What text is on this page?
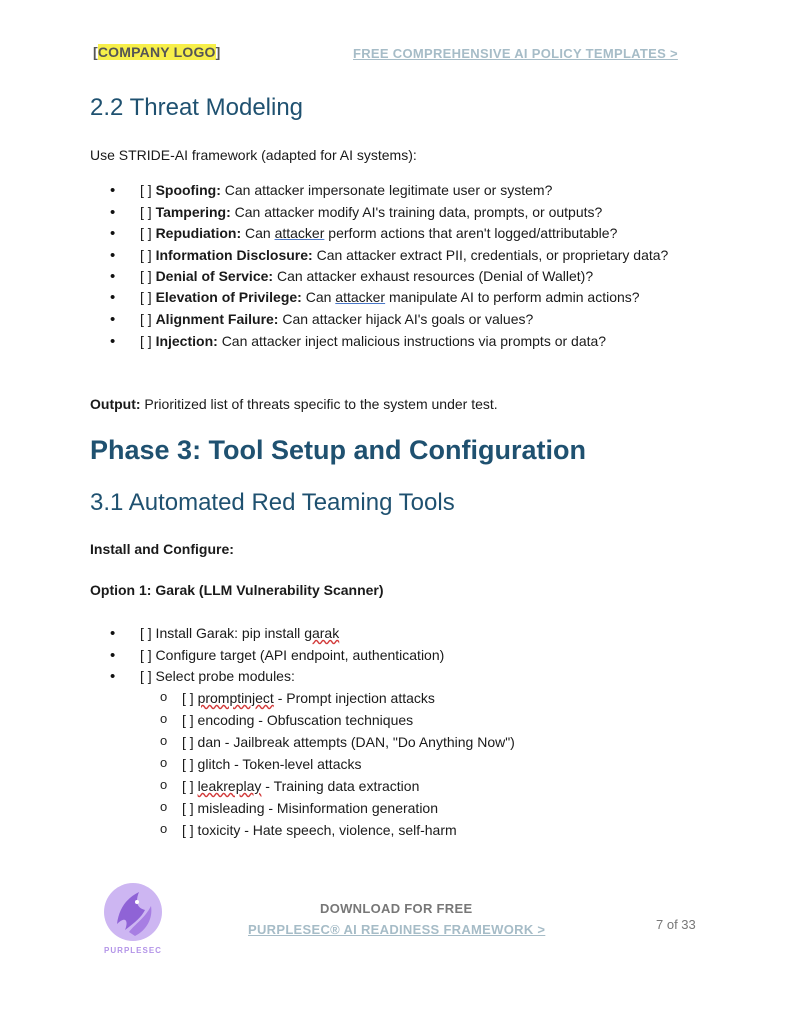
[COMPANY LOGO]	FREE COMPREHENSIVE AI POLICY TEMPLATES >
2.2 Threat Modeling
Use STRIDE-AI framework (adapted for AI systems):
• [ ] Spoofing: Can attacker impersonate legitimate user or system?
• [ ] Tampering: Can attacker modify AI's training data, prompts, or outputs?
• [ ] Repudiation: Can attacker perform actions that aren't logged/attributable?
• [ ] Information Disclosure: Can attacker extract PII, credentials, or proprietary data?
• [ ] Denial of Service: Can attacker exhaust resources (Denial of Wallet)?
• [ ] Elevation of Privilege: Can attacker manipulate AI to perform admin actions?
• [ ] Alignment Failure: Can attacker hijack AI's goals or values?
• [ ] Injection: Can attacker inject malicious instructions via prompts or data?
Output: Prioritized list of threats specific to the system under test.
Phase 3: Tool Setup and Configuration
3.1 Automated Red Teaming Tools
Install and Configure:
Option 1: Garak (LLM Vulnerability Scanner)
• [ ] Install Garak: pip install garak
• [ ] Configure target (API endpoint, authentication)
• [ ] Select probe modules:
o [ ] promptinject - Prompt injection attacks
o [ ] encoding - Obfuscation techniques
o [ ] dan - Jailbreak attempts (DAN, "Do Anything Now")
o [ ] glitch - Token-level attacks
o [ ] leakreplay - Training data extraction
o [ ] misleading - Misinformation generation
o [ ] toxicity - Hate speech, violence, self-harm
PURPLESEC
DOWNLOAD FOR FREE
PURPLESEC® AI READINESS FRAMEWORK >	7 of 33
